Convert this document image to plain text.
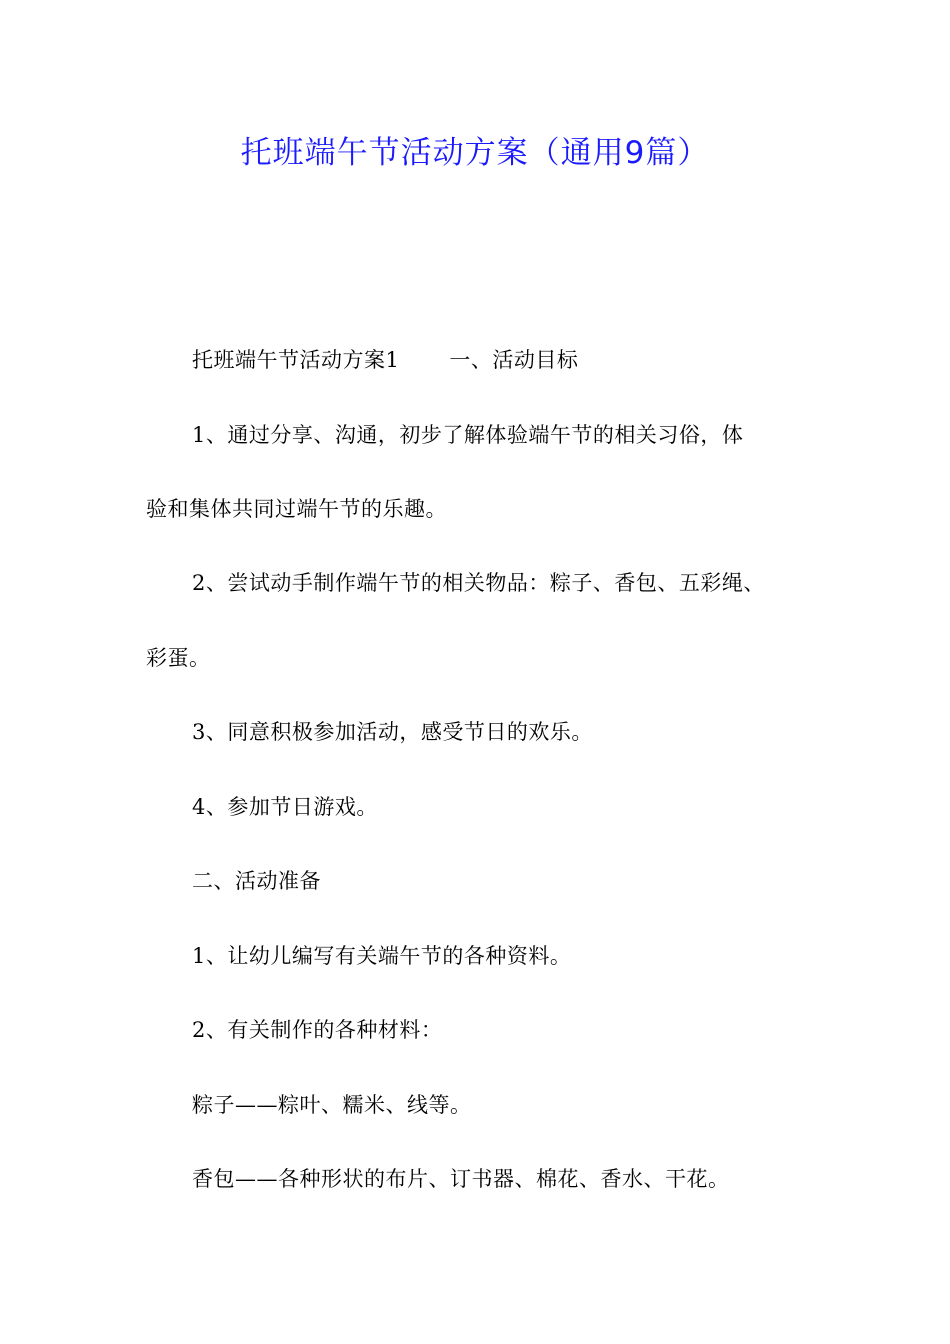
托班端午节活动方案（通用9篇）
托班端午节活动方案1 一、活动目标
1、通过分享、沟通，初步了解体验端午节的相关习俗，体
验和集体共同过端午节的乐趣。
2、尝试动手制作端午节的相关物品：粽子、香包、五彩绳、
彩蛋。
3、同意积极参加活动，感受节日的欢乐。
4、参加节日游戏。
二、活动准备
1、让幼儿编写有关端午节的各种资料。
2、有关制作的各种材料：
粽子——粽叶、糯米、线等。
香包——各种形状的布片、订书器、棉花、香水、干花。
